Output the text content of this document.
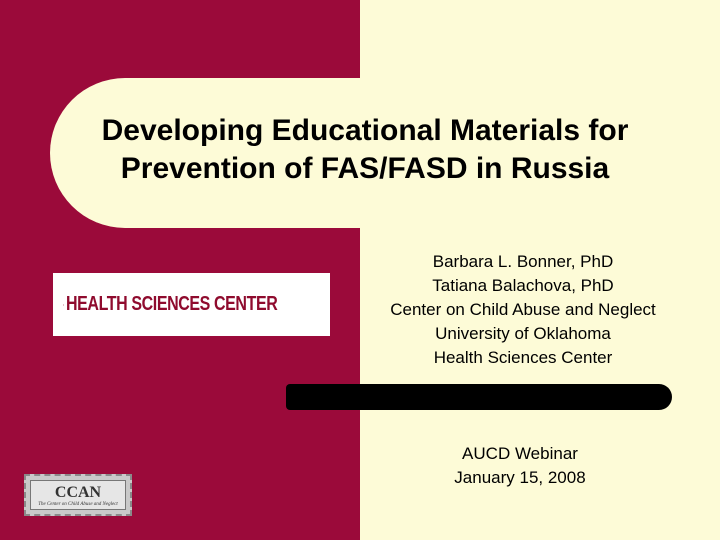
Developing Educational Materials for
Prevention of FAS/FASD in Russia
HEALTH SCIENCES CENTER
Barbara L. Bonner, PhD
Tatiana Balachova, PhD
Center on Child Abuse and Neglect
University of Oklahoma
Health Sciences Center
AUCD Webinar
January 15, 2008
CCAN
The Center on Child Abuse and Neglect
